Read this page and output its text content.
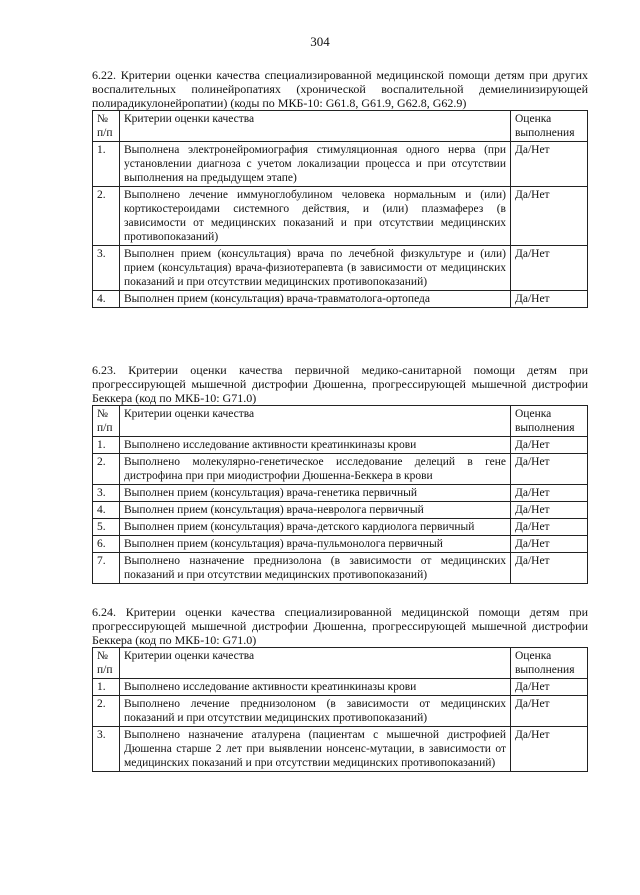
304
6.22. Критерии оценки качества специализированной медицинской помощи детям при других воспалительных полинейропатиях (хронической воспалительной демиелинизирующей полирадикулонейропатии) (коды по МКБ-10: G61.8, G61.9, G62.8, G62.9)
№ п/п	Критерии оценки качества	Оценка выполнения
1.	Выполнена электронейромиография стимуляционная одного нерва (при установлении диагноза с учетом локализации процесса и при отсутствии выполнения на предыдущем этапе)	Да/Нет
2.	Выполнено лечение иммуноглобулином человека нормальным и (или) кортикостероидами системного действия, и (или) плазмаферез (в зависимости от медицинских показаний и при отсутствии медицинских противопоказаний)	Да/Нет
3.	Выполнен прием (консультация) врача по лечебной физкультуре и (или) прием (консультация) врача-физиотерапевта (в зависимости от медицинских показаний и при отсутствии медицинских противопоказаний)	Да/Нет
4.	Выполнен прием (консультация) врача-травматолога-ортопеда	Да/Нет
6.23. Критерии оценки качества первичной медико-санитарной помощи детям при прогрессирующей мышечной дистрофии Дюшенна, прогрессирующей мышечной дистрофии Беккера (код по МКБ-10: G71.0)
№ п/п	Критерии оценки качества	Оценка выполнения
1.	Выполнено исследование активности креатинкиназы крови	Да/Нет
2.	Выполнено молекулярно-генетическое исследование делеций в гене дистрофина при при миодистрофии Дюшенна-Беккера в крови	Да/Нет
3.	Выполнен прием (консультация) врача-генетика первичный	Да/Нет
4.	Выполнен прием (консультация) врача-невролога первичный	Да/Нет
5.	Выполнен прием (консультация) врача-детского кардиолога первичный	Да/Нет
6.	Выполнен прием (консультация) врача-пульмонолога первичный	Да/Нет
7.	Выполнено назначение преднизолона (в зависимости от медицинских показаний и при отсутствии медицинских противопоказаний)	Да/Нет
6.24. Критерии оценки качества специализированной медицинской помощи детям при прогрессирующей мышечной дистрофии Дюшенна, прогрессирующей мышечной дистрофии Беккера (код по МКБ-10: G71.0)
№ п/п	Критерии оценки качества	Оценка выполнения
1.	Выполнено исследование активности креатинкиназы крови	Да/Нет
2.	Выполнено лечение преднизолоном (в зависимости от медицинских показаний и при отсутствии медицинских противопоказаний)	Да/Нет
3.	Выполнено назначение аталурена (пациентам с мышечной дистрофией Дюшенна старше 2 лет при выявлении нонсенс-мутации, в зависимости от медицинских показаний и при отсутствии медицинских противопоказаний)	Да/Нет
